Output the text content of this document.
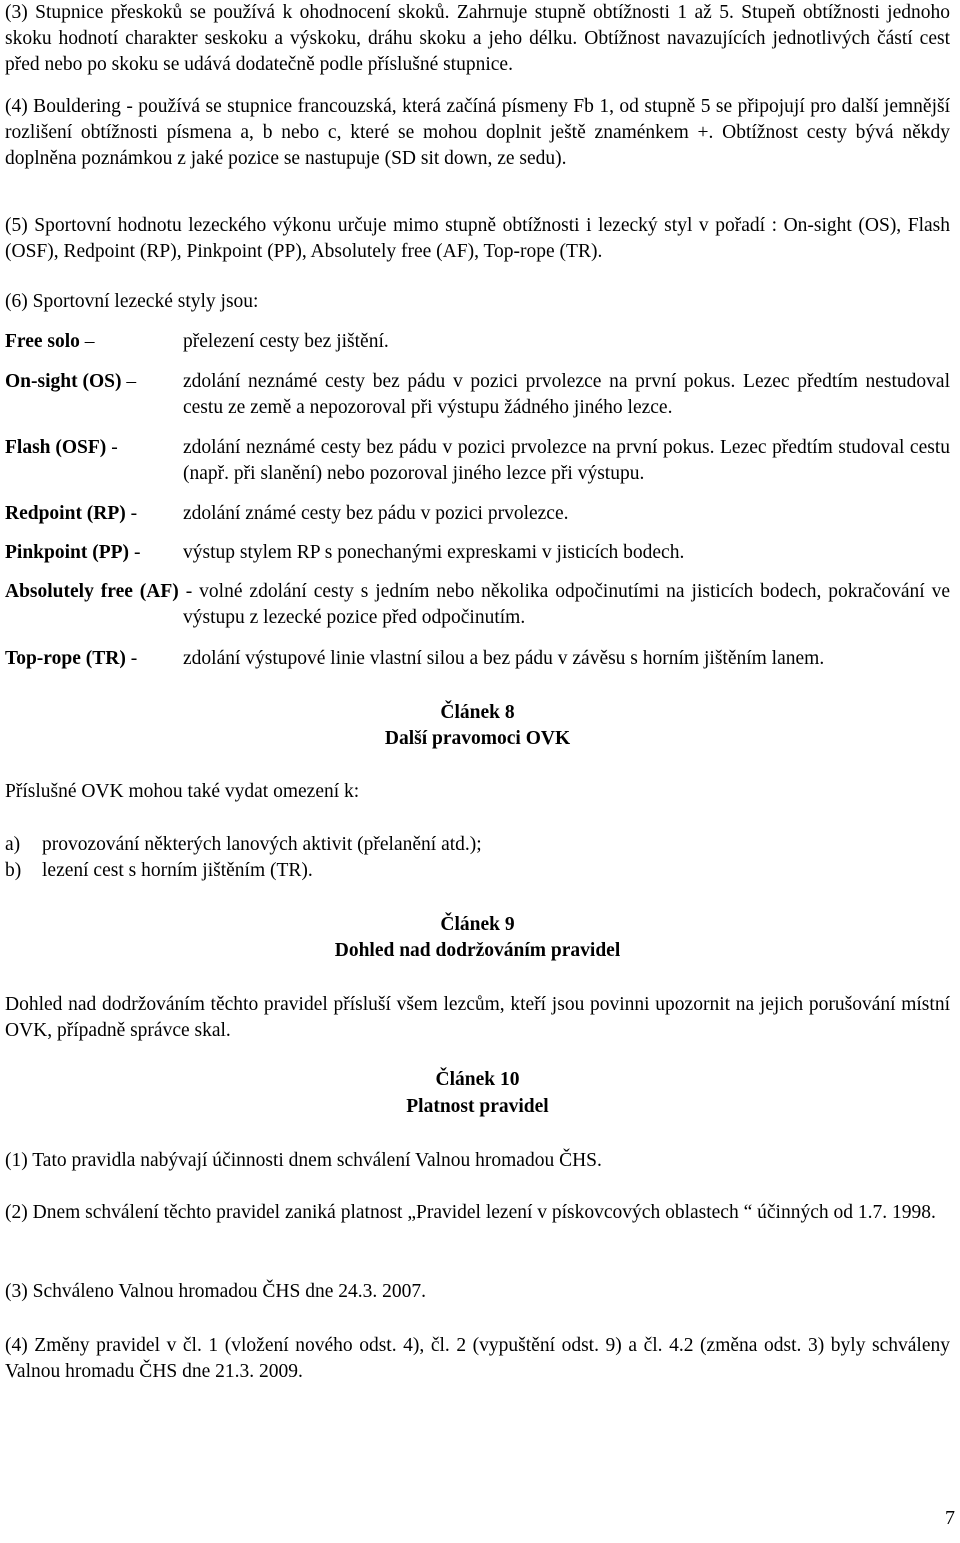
(3) Stupnice přeskoků se používá k ohodnocení skoků. Zahrnuje stupně obtížnosti 1 až 5. Stupeň obtížnosti jednoho skoku hodnotí charakter seskoku a výskoku, dráhu skoku a jeho délku. Obtížnost navazujících jednotlivých částí cest před nebo po skoku se udává dodatečně podle příslušné stupnice.

(4) Bouldering - používá se stupnice francouzská, která začíná písmeny Fb 1, od stupně 5 se připojují pro další jemnější rozlišení obtížnosti písmena a, b nebo c, které se mohou doplnit ještě znaménkem +. Obtížnost cesty bývá někdy doplněna poznámkou z jaké pozice se nastupuje (SD sit down, ze sedu).

(5) Sportovní hodnotu lezeckého výkonu určuje mimo stupně obtížnosti i lezecký styl v pořadí : On-sight (OS), Flash (OSF), Redpoint (RP), Pinkpoint (PP), Absolutely free (AF), Top-rope (TR).

(6) Sportovní lezecké styly jsou:

Free solo –	přelezení cesty bez jištění.

On-sight (OS) – zdolání neznámé cesty bez pádu v pozici prvolezce na první pokus. Lezec předtím nestudoval cestu ze země a nepozoroval při výstupu žádného jiného lezce.

Flash (OSF) -	zdolání neznámé cesty bez pádu v pozici prvolezce na první pokus. Lezec předtím studoval cestu (např. při slanění) nebo pozoroval jiného lezce při výstupu.

Redpoint (RP) - zdolání známé cesty bez pádu v pozici prvolezce.

Pinkpoint (PP) - výstup stylem RP s ponechanými expreskami v jisticích bodech.

Absolutely free (AF) - volné zdolání cesty s jedním nebo několika odpočinutími na jisticích bodech, pokračování ve výstupu z lezecké pozice před odpočinutím.

Top-rope (TR) - zdolání výstupové linie vlastní silou a bez pádu v závěsu s horním jištěním lanem.

Článek 8
Další pravomoci OVK

Příslušné OVK mohou také vydat omezení k:

a) provozování některých lanových aktivit (přelanění atd.);
b) lezení cest s horním jištěním (TR).
Článek 9
Dohled nad dodržováním pravidel

Dohled nad dodržováním těchto pravidel přísluší všem lezcům, kteří jsou povinni upozornit na jejich porušování místní OVK, případně správce skal.

Článek 10
Platnost pravidel

(1) Tato pravidla nabývají účinnosti dnem schválení Valnou hromadou ČHS.

(2) Dnem schválení těchto pravidel zaniká platnost „Pravidel lezení v pískovcových oblastech “ účinných od 1.7. 1998.

(3) Schváleno Valnou hromadou ČHS dne 24.3. 2007.

(4) Změny pravidel v čl. 1 (vložení nového odst. 4), čl. 2 (vypuštění odst. 9) a čl. 4.2 (změna odst. 3) byly schváleny Valnou hromadu ČHS dne 21.3. 2009.

7
